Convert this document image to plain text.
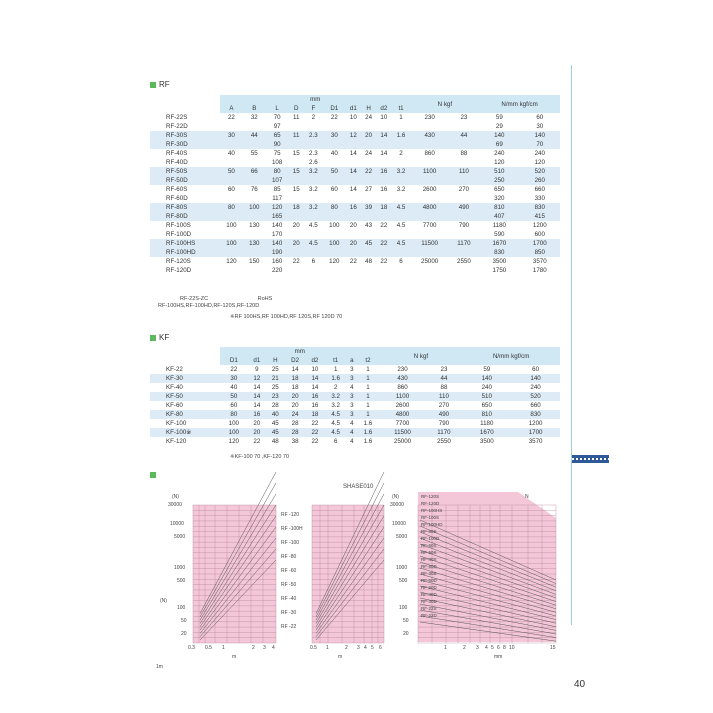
RF
	mm										N kgf		N/mm kgf/cm	
	A	B	L	D	F	D1	d1	H	d2	t1				
RF-22S	22	32	70	11	2	22	10	24	10	1	230	23	59	60
RF-22D			97										29	30
RF-30S	30	44	65	11	2.3	30	12	20	14	1.6	430	44	140	140
RF-30D			90										69	70
RF-40S	40	55	75	15	2.3	40	14	24	14	2	860	88	240	240
RF-40D			108		2.6								120	120
RF-50S	50	66	80	15	3.2	50	14	22	16	3.2	1100	110	510	520
RF-50D			107										250	260
RF-60S	60	76	85	15	3.2	60	14	27	16	3.2	2600	270	650	660
RF-60D			117										320	330
RF-80S	80	100	120	18	3.2	80	16	39	18	4.5	4800	490	810	830
RF-80D			165										407	415
RF-100S	100	130	140	20	4.5	100	20	43	22	4.5	7700	790	1180	1200
RF-100D			170										590	600
RF-100HS	100	130	140	20	4.5	100	20	45	22	4.5	11500	1170	1670	1700
RF-100HD			190										830	850
RF-120S	120	150	160	22	6	120	22	48	22	6	25000	2550	3500	3570
RF-120D			220										1750	1780
RF-22S-ZC	RoHS
RF-100HS,RF-100HD,RF-120S,RF-120D
※RF 100HS,RF 100HD,RF 120S,RF 120D 70
KF
	mm								N kgf		N/mm kgf/cm	
	D1	d1	H	D2	d2	t1	a	t2				
KF-22	22	9	25	14	10	1	3	1	230	23	59	60
KF-30	30	12	21	18	14	1.6	3	1	430	44	140	140
KF-40	40	14	25	18	14	2	4	1	860	88	240	240
KF-50	50	14	23	20	16	3.2	3	1	1100	110	510	520
KF-60	60	14	28	20	16	3.2	3	1	2600	270	650	660
KF-80	80	16	40	24	18	4.5	3	1	4800	490	810	830
KF-100	100	20	45	28	22	4.5	4	1.6	7700	790	1180	1200
KF-100※	100	20	45	28	22	4.5	4	1.6	11500	1170	1670	1700
KF-120	120	22	48	38	22	6	4	1.6	25000	2550	3500	3570
※KF-100 70 ,KF-120 70
SHASE010
30000
10000
5000
1000
500
100
50
20
30000
10000
5000
1000
500
100
50
20
(N)
(N)
(N)
0.3 0.5 1	2 3 4	0.5 1	2 3 4 5 6	1	2 3 4 5 6 8 10	15
m	m	mm
N
RF -120
RF -100H
RF -100
RF -80
RF -60
RF -50
RF -40
RF -30
RF -22
RF-120S
RF-120D
RF-100HS
RF-100S
RF-100HD
RF-80S
RF-100D
RF-60S
RF-50S
RF-40S
RF-80D
RF-30S
RF-60D
RF-50D
RF-40D
RF-30D
RF-22S
RF-22D
1m
40
